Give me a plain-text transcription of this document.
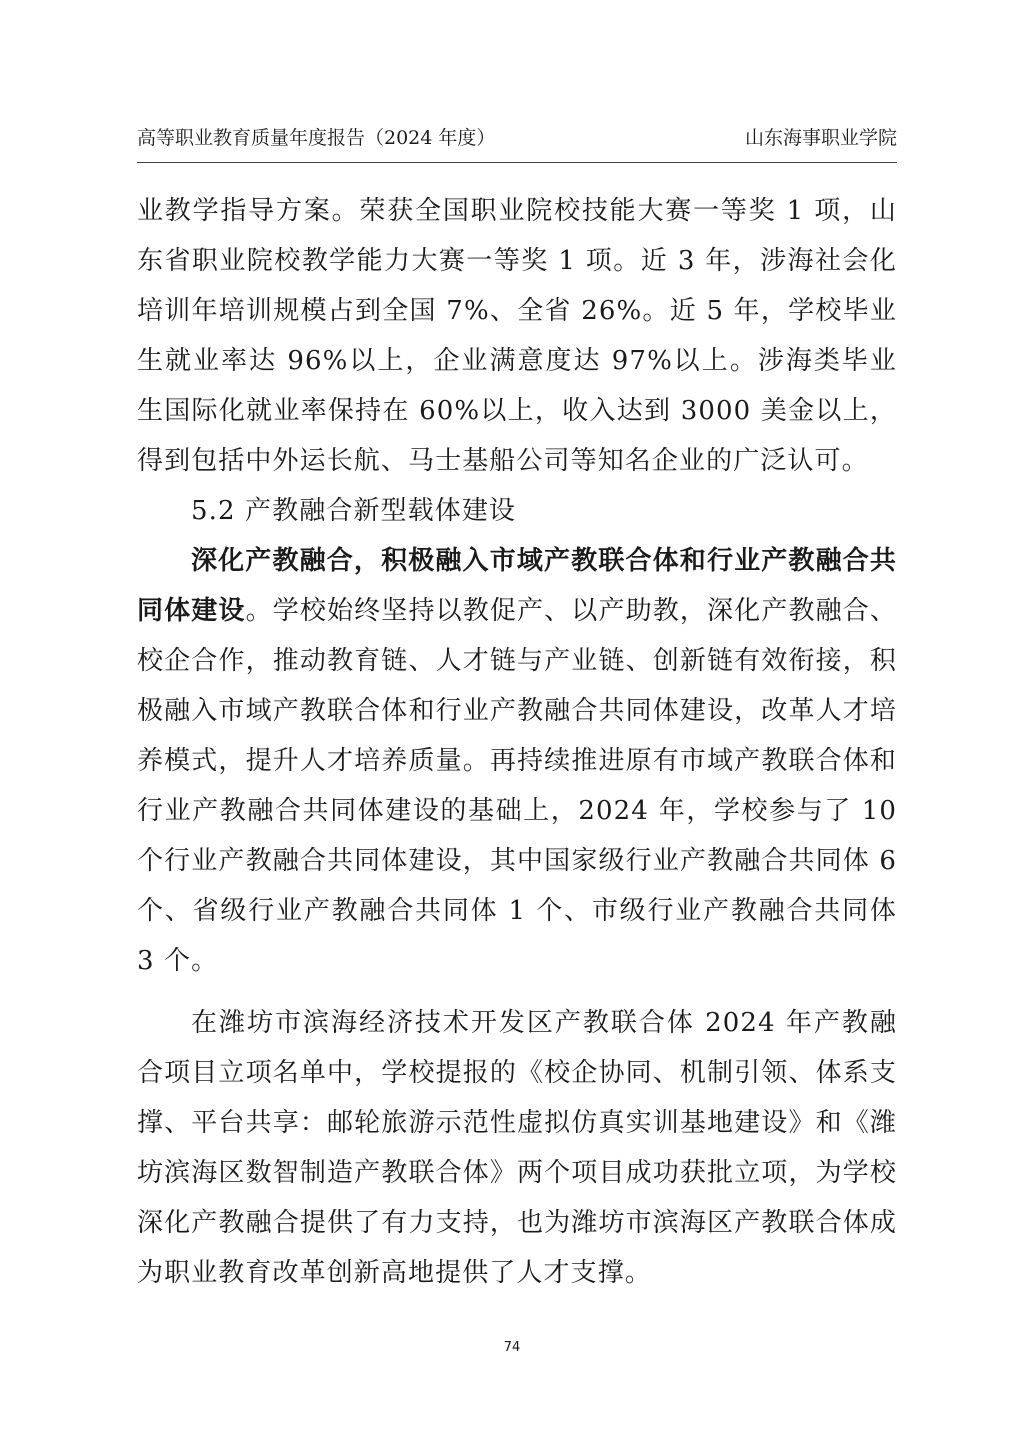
高等职业教育质量年度报告（2024 年度）	山东海事职业学院

业教学指导方案。荣获全国职业院校技能大赛一等奖 1 项，山东省职业院校教学能力大赛一等奖 1 项。近 3 年，涉海社会化培训年培训规模占到全国 7%、全省 26%。近 5 年，学校毕业生就业率达 96%以上，企业满意度达 97%以上。涉海类毕业生国际化就业率保持在 60%以上，收入达到 3000 美金以上，得到包括中外运长航、马士基船公司等知名企业的广泛认可。

5.2 产教融合新型载体建设

深化产教融合，积极融入市域产教联合体和行业产教融合共同体建设。学校始终坚持以教促产、以产助教，深化产教融合、校企合作，推动教育链、人才链与产业链、创新链有效衔接，积极融入市域产教联合体和行业产教融合共同体建设，改革人才培养模式，提升人才培养质量。再持续推进原有市域产教联合体和行业产教融合共同体建设的基础上，2024 年，学校参与了 10 个行业产教融合共同体建设，其中国家级行业产教融合共同体 6 个、省级行业产教融合共同体 1 个、市级行业产教融合共同体 3 个。

在潍坊市滨海经济技术开发区产教联合体 2024 年产教融合项目立项名单中，学校提报的《校企协同、机制引领、体系支撑、平台共享：邮轮旅游示范性虚拟仿真实训基地建设》和《潍坊滨海区数智制造产教联合体》两个项目成功获批立项，为学校深化产教融合提供了有力支持，也为潍坊市滨海区产教联合体成为职业教育改革创新高地提供了人才支撑。

74
